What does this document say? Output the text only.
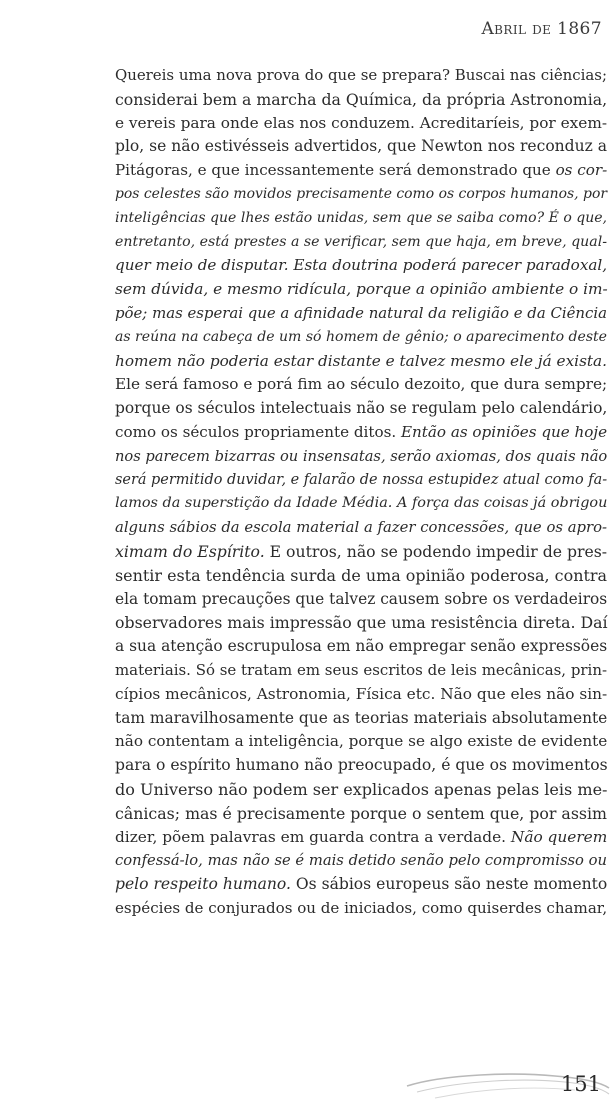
Abril de 1867
Quereis uma nova prova do que se prepara? Buscai nas ciências;
considerai bem a marcha da Química, da própria Astronomia,
e vereis para onde elas nos conduzem. Acreditaríeis, por exem-
plo, se não estivésseis advertidos, que Newton nos reconduz a
Pitágoras, e que incessantemente será demonstrado que os cor-
pos celestes são movidos precisamente como os corpos humanos, por
inteligências que lhes estão unidas, sem que se saiba como? É o que,
entretanto, está prestes a se verificar, sem que haja, em breve, qual-
quer meio de disputar. Esta doutrina poderá parecer paradoxal,
sem dúvida, e mesmo ridícula, porque a opinião ambiente o im-
põe; mas esperai que a afinidade natural da religião e da Ciência
as reúna na cabeça de um só homem de gênio; o aparecimento deste
homem não poderia estar distante e talvez mesmo ele já exista.
Ele será famoso e porá fim ao século dezoito, que dura sempre;
porque os séculos intelectuais não se regulam pelo calendário,
como os séculos propriamente ditos. Então as opiniões que hoje
nos parecem bizarras ou insensatas, serão axiomas, dos quais não
será permitido duvidar, e falarão de nossa estupidez atual como fa-
lamos da superstição da Idade Média. A força das coisas já obrigou
alguns sábios da escola material a fazer concessões, que os apro-
ximam do Espírito. E outros, não se podendo impedir de pres-
sentir esta tendência surda de uma opinião poderosa, contra
ela tomam precauções que talvez causem sobre os verdadeiros
observadores mais impressão que uma resistência direta. Daí
a sua atenção escrupulosa em não empregar senão expressões
materiais. Só se tratam em seus escritos de leis mecânicas, prin-
cípios mecânicos, Astronomia, Física etc. Não que eles não sin-
tam maravilhosamente que as teorias materiais absolutamente
não contentam a inteligência, porque se algo existe de evidente
para o espírito humano não preocupado, é que os movimentos
do Universo não podem ser explicados apenas pelas leis me-
cânicas; mas é precisamente porque o sentem que, por assim
dizer, põem palavras em guarda contra a verdade. Não querem
confessá-lo, mas não se é mais detido senão pelo compromisso ou
pelo respeito humano. Os sábios europeus são neste momento
espécies de conjurados ou de iniciados, como quiserdes chamar,
151
